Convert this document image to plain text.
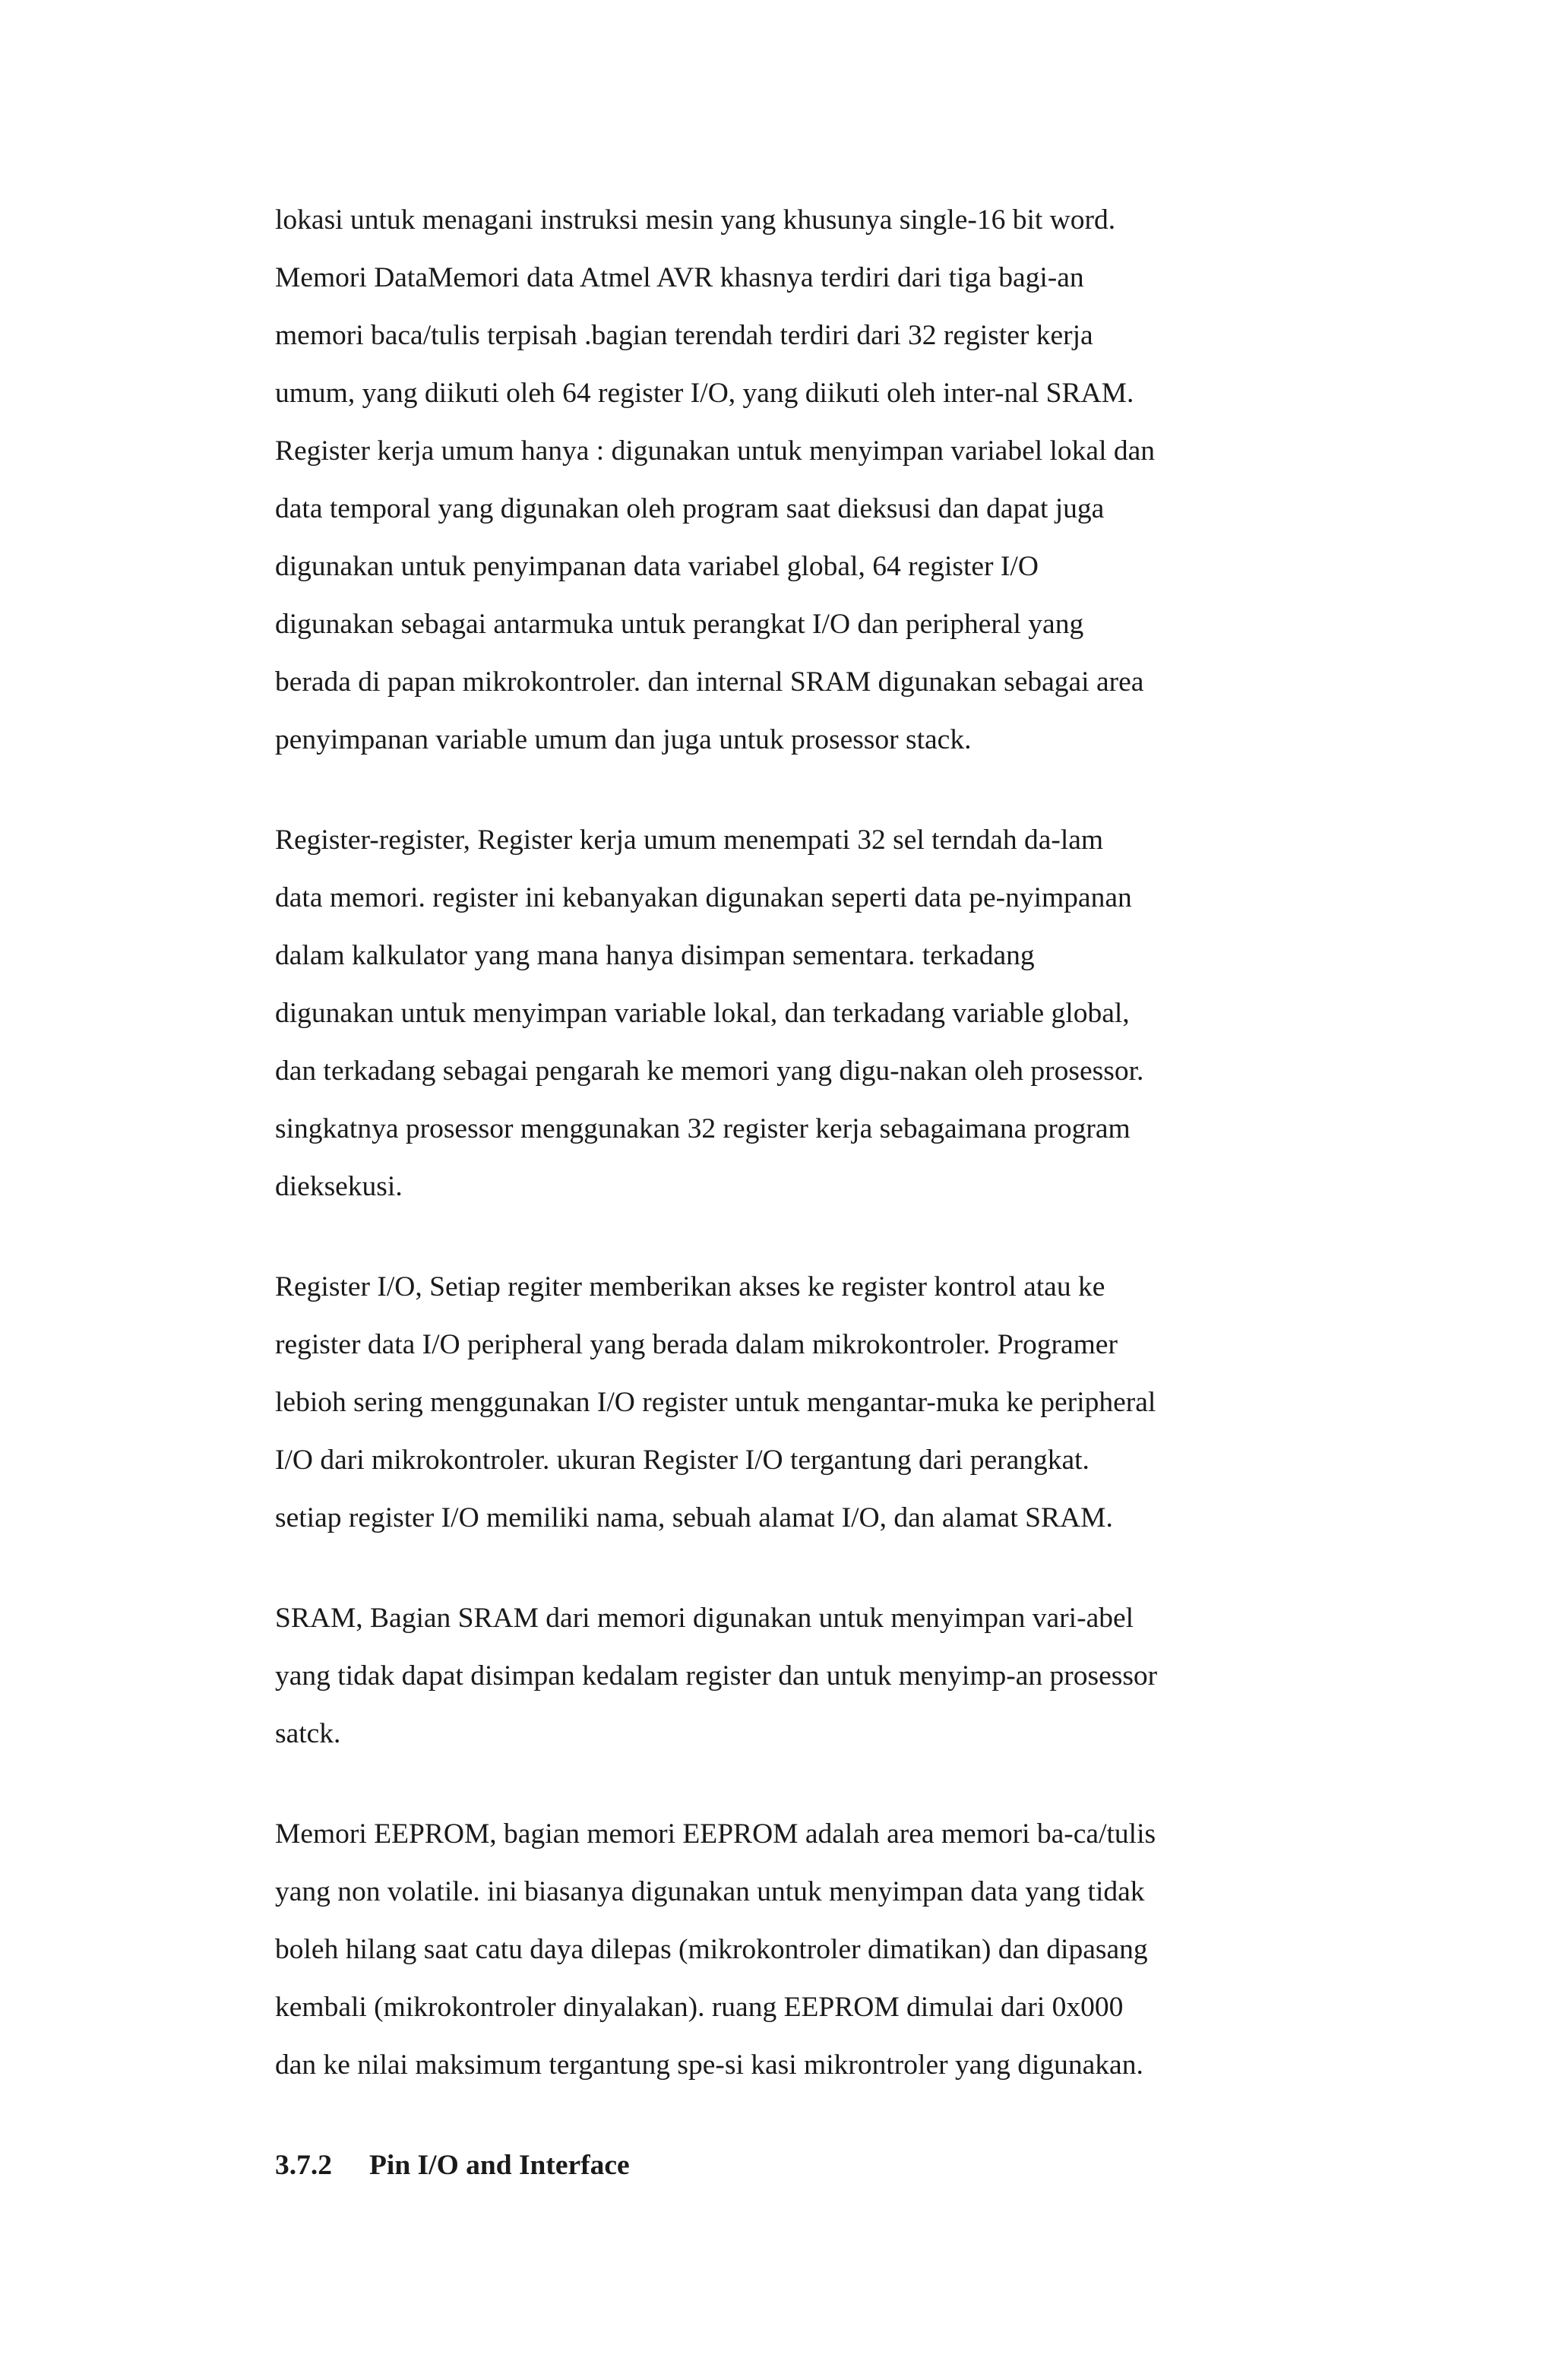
lokasi untuk menagani instruksi mesin yang khusunya single-16 bit word.
Memori DataMemori data Atmel AVR khasnya terdiri dari tiga bagi-an
memori baca/tulis terpisah .bagian terendah terdiri dari 32 register kerja
umum, yang diikuti oleh 64 register I/O, yang diikuti oleh inter-nal SRAM.
Register kerja umum hanya : digunakan untuk menyimpan variabel lokal dan
data temporal yang digunakan oleh program saat dieksusi dan dapat juga
digunakan untuk penyimpanan data variabel global, 64 register I/O
digunakan sebagai antarmuka untuk perangkat I/O dan peripheral yang
berada di papan mikrokontroler. dan internal SRAM digunakan sebagai area
penyimpanan variable umum dan juga untuk prosessor stack.
Register-register, Register kerja umum menempati 32 sel terndah da-lam
data memori. register ini kebanyakan digunakan seperti data pe-nyimpanan
dalam kalkulator yang mana hanya disimpan sementara. terkadang
digunakan untuk menyimpan variable lokal, dan terkadang variable global,
dan terkadang sebagai pengarah ke memori yang digu-nakan oleh prosessor.
singkatnya prosessor menggunakan 32 register kerja sebagaimana program
dieksekusi.
Register I/O, Setiap regiter memberikan akses ke register kontrol atau ke
register data I/O peripheral yang berada dalam mikrokontroler. Programer
lebioh sering menggunakan I/O register untuk mengantar-muka ke peripheral
I/O dari mikrokontroler. ukuran Register I/O tergantung dari perangkat.
setiap register I/O memiliki nama, sebuah alamat I/O, dan alamat SRAM.
SRAM, Bagian SRAM dari memori digunakan untuk menyimpan vari-abel
yang tidak dapat disimpan kedalam register dan untuk menyimp-an prosessor
satck.
Memori EEPROM, bagian memori EEPROM adalah area memori ba-ca/tulis
yang non volatile. ini biasanya digunakan untuk menyimpan data yang tidak
boleh hilang saat catu daya dilepas (mikrokontroler dimatikan) dan dipasang
kembali (mikrokontroler dinyalakan). ruang EEPROM dimulai dari 0x000
dan ke nilai maksimum tergantung spe-si kasi mikrontroler yang digunakan.
3.7.2 Pin I/O and Interface
